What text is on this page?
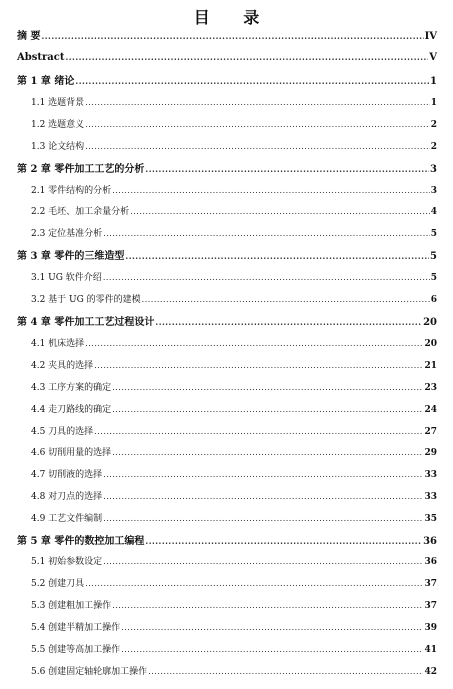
目 录
摘 要 .....	IV
Abstract .....	V
第 1 章 绪论 .....	1
1.1 选题背景 .....	1
1.2 选题意义 .....	2
1.3 论文结构 .....	2
第 2 章 零件加工工艺的分析 .....	3
2.1 零件结构的分析 .....	3
2.2 毛坯、加工余量分析 .....	4
2.3 定位基准分析 .....	5
第 3 章 零件的三维造型 .....	5
3.1 UG 软件介绍 .....	5
3.2 基于 UG 的零件的建模 .....	6
第 4 章 零件加工工艺过程设计 .....	20
4.1 机床选择 .....	20
4.2 夹具的选择 .....	21
4.3 工序方案的确定 .....	23
4.4 走刀路线的确定 .....	24
4.5 刀具的选择 .....	27
4.6 切削用量的选择 .....	29
4.7 切削液的选择 .....	33
4.8 对刀点的选择 .....	33
4.9 工艺文件编制 .....	35
第 5 章 零件的数控加工编程 .....	36
5.1 初始参数设定 .....	36
5.2 创建刀具 .....	37
5.3 创建粗加工操作 .....	37
5.4 创建半精加工操作 .....	39
5.5 创建等高加工操作 .....	41
5.6 创建固定轴轮廓加工操作 .....	42
